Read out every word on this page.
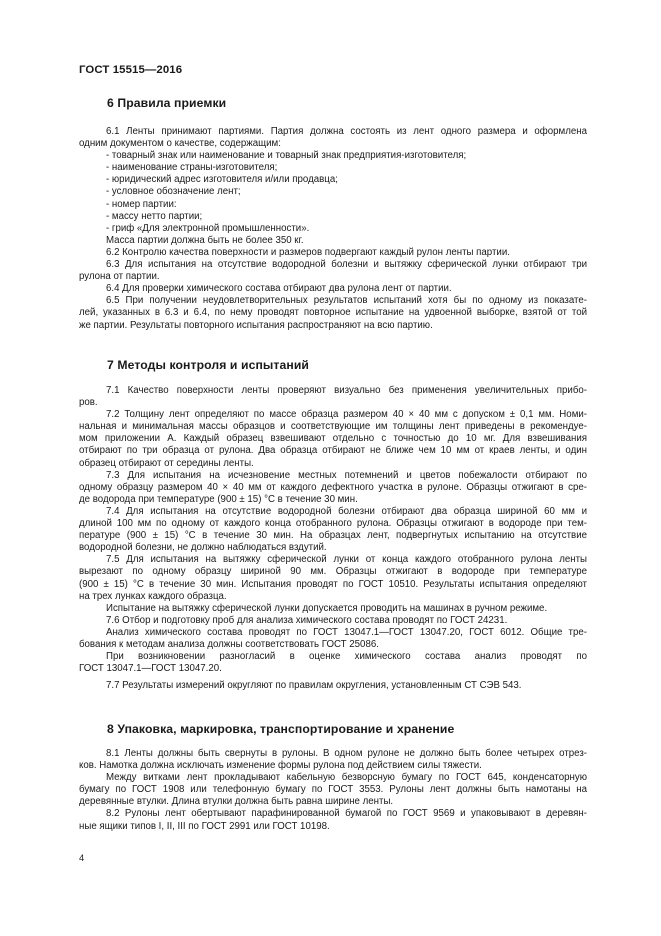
ГОСТ 15515—2016
6 Правила приемки
6.1 Ленты принимают партиями. Партия должна состоять из лент одного размера и оформлена
одним документом о качестве, содержащим:
- товарный знак или наименование и товарный знак предприятия-изготовителя;
- наименование страны-изготовителя;
- юридический адрес изготовителя и/или продавца;
- условное обозначение лент;
- номер партии:
- массу нетто партии;
- гриф «Для электронной промышленности».
Масса партии должна быть не более 350 кг.
6.2 Контролю качества поверхности и размеров подвергают каждый рулон ленты партии.
6.3 Для испытания на отсутствие водородной болезни и вытяжку сферической лунки отбирают три
рулона от партии.
6.4 Для проверки химического состава отбирают два рулона лент от партии.
6.5 При получении неудовлетворительных результатов испытаний хотя бы по одному из показате-
лей, указанных в 6.3 и 6.4, по нему проводят повторное испытание на удвоенной выборке, взятой от той
же партии. Результаты повторного испытания распространяют на всю партию.
7 Методы контроля и испытаний
7.1 Качество поверхности ленты проверяют визуально без применения увеличительных прибо-
ров.
7.2 Толщину лент определяют по массе образца размером 40 × 40 мм с допуском ± 0,1 мм. Номи-
нальная и минимальная массы образцов и соответствующие им толщины лент приведены в рекомендуе-
мом приложении А. Каждый образец взвешивают отдельно с точностью до 10 мг. Для взвешивания
отбирают по три образца от рулона. Два образца отбирают не ближе чем 10 мм от краев ленты, и один
образец отбирают от середины ленты.
7.3 Для испытания на исчезновение местных потемнений и цветов побежалости отбирают по
одному образцу размером 40 × 40 мм от каждого дефектного участка в рулоне. Образцы отжигают в сре-
де водорода при температуре (900 ± 15) °С в течение 30 мин.
7.4 Для испытания на отсутствие водородной болезни отбирают два образца шириной 60 мм и
длиной 100 мм по одному от каждого конца отобранного рулона. Образцы отжигают в водороде при тем-
пературе (900 ± 15) °С в течение 30 мин. На образцах лент, подвергнутых испытанию на отсутствие
водородной болезни, не должно наблюдаться вздутий.
7.5 Для испытания на вытяжку сферической лунки от конца каждого отобранного рулона ленты
вырезают по одному образцу шириной 90 мм. Образцы отжигают в водороде при температуре
(900 ± 15) °С в течение 30 мин. Испытания проводят по ГОСТ 10510. Результаты испытания определяют
на трех лунках каждого образца.
Испытание на вытяжку сферической лунки допускается проводить на машинах в ручном режиме.
7.6 Отбор и подготовку проб для анализа химического состава проводят по ГОСТ 24231.
Анализ химического состава проводят по ГОСТ 13047.1—ГОСТ 13047.20, ГОСТ 6012. Общие тре-
бования к методам анализа должны соответствовать ГОСТ 25086.
При возникновении разногласий в оценке химического состава анализ проводят по
ГОСТ 13047.1—ГОСТ 13047.20.
7.7 Результаты измерений округляют по правилам округления, установленным СТ СЭВ 543.
8 Упаковка, маркировка, транспортирование и хранение
8.1 Ленты должны быть свернуты в рулоны. В одном рулоне не должно быть более четырех отрез-
ков. Намотка должна исключать изменение формы рулона под действием силы тяжести.
Между витками лент прокладывают кабельную безворсную бумагу по ГОСТ 645, конденсаторную
бумагу по ГОСТ 1908 или телефонную бумагу по ГОСТ 3553. Рулоны лент должны быть намотаны на
деревянные втулки. Длина втулки должна быть равна ширине ленты.
8.2 Рулоны лент обертывают парафинированной бумагой по ГОСТ 9569 и упаковывают в деревян-
ные ящики типов I, II, III по ГОСТ 2991 или ГОСТ 10198.
4
